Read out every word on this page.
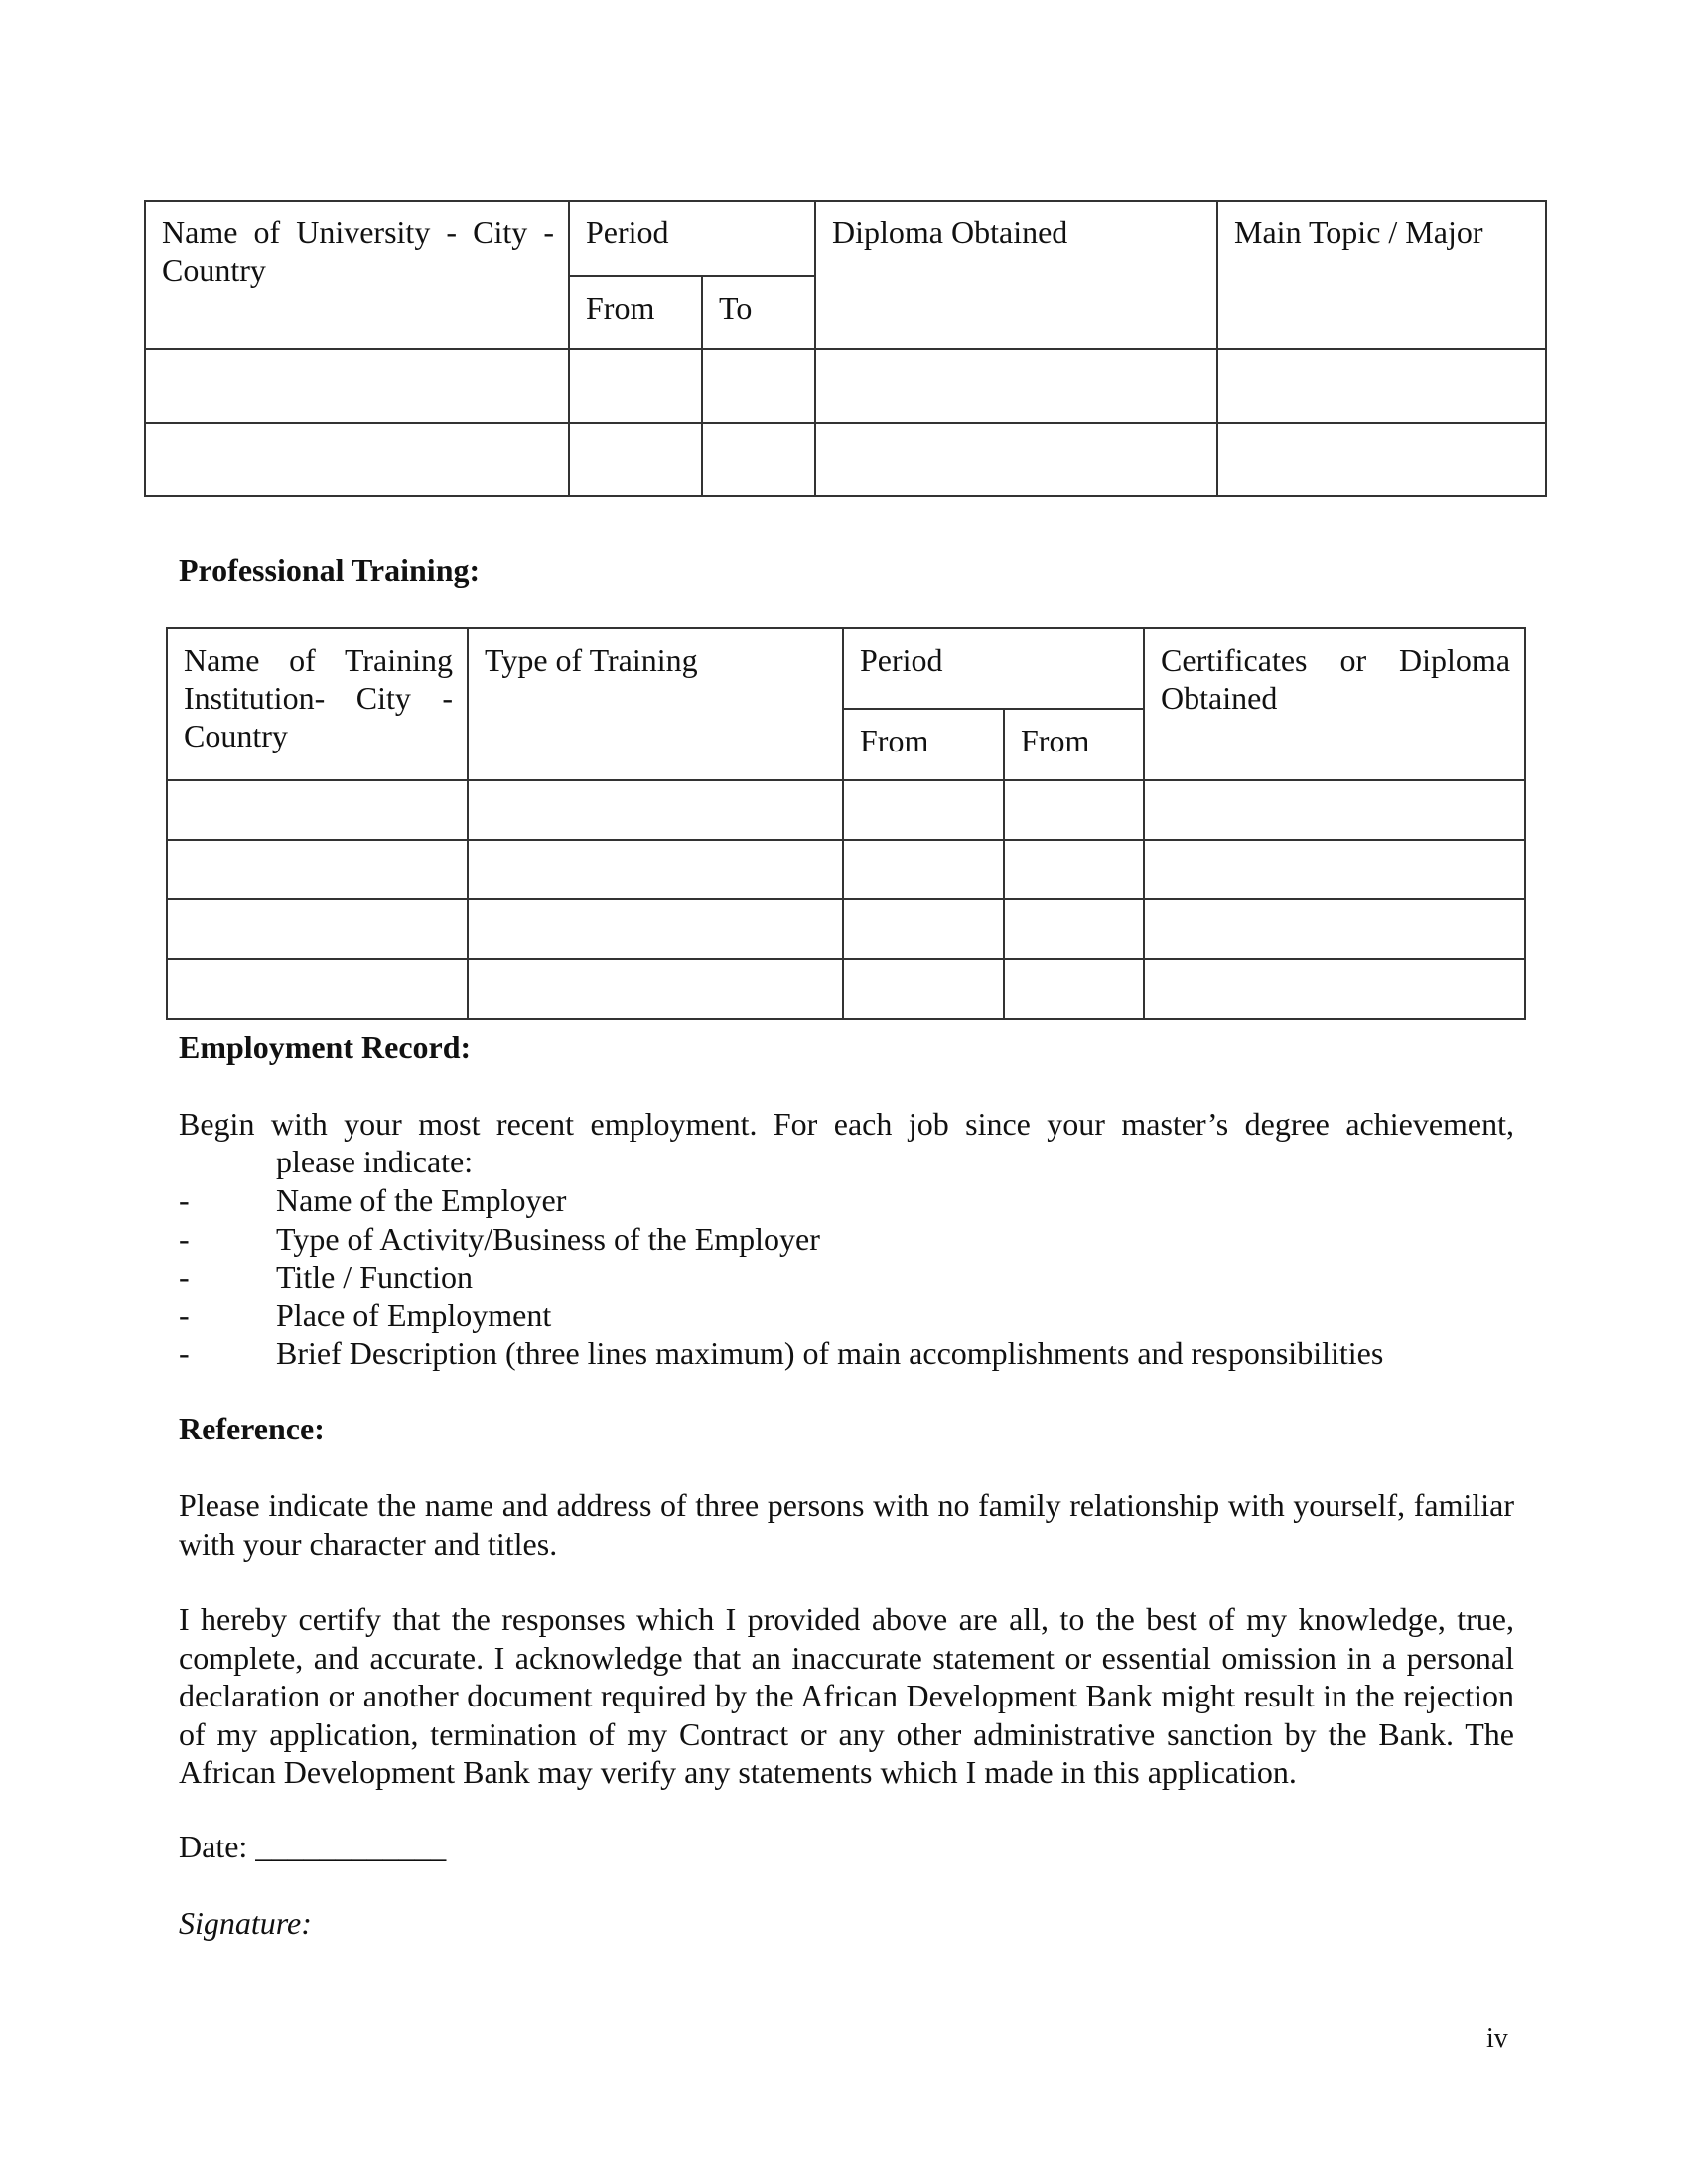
Name of University - City - Country	Period		Diploma Obtained	Main Topic / Major

	From	To		

Professional Training:
Name of Training Institution- City - Country	Type of Training	Period		Certificates or Diploma Obtained

		From	From	

Employment Record:

Begin with your most recent employment. For each job since your master’s degree achievement,

please indicate:
-	Name of the Employer
-	Type of Activity/Business of the Employer
-	Title / Function
-	Place of Employment
-	Brief Description (three lines maximum) of main accomplishments and responsibilities
Reference:

Please indicate the name and address of three persons with no family relationship with yourself, familiar with your character and titles.

I hereby certify that the responses which I provided above are all, to the best of my knowledge, true, complete, and accurate. I acknowledge that an inaccurate statement or essential omission in a personal declaration or another document required by the African Development Bank might result in the rejection of my application, termination of my Contract or any other administrative sanction by the Bank. The African Development Bank may verify any statements which I made in this application.

Date: ____________
Signature:
iv
